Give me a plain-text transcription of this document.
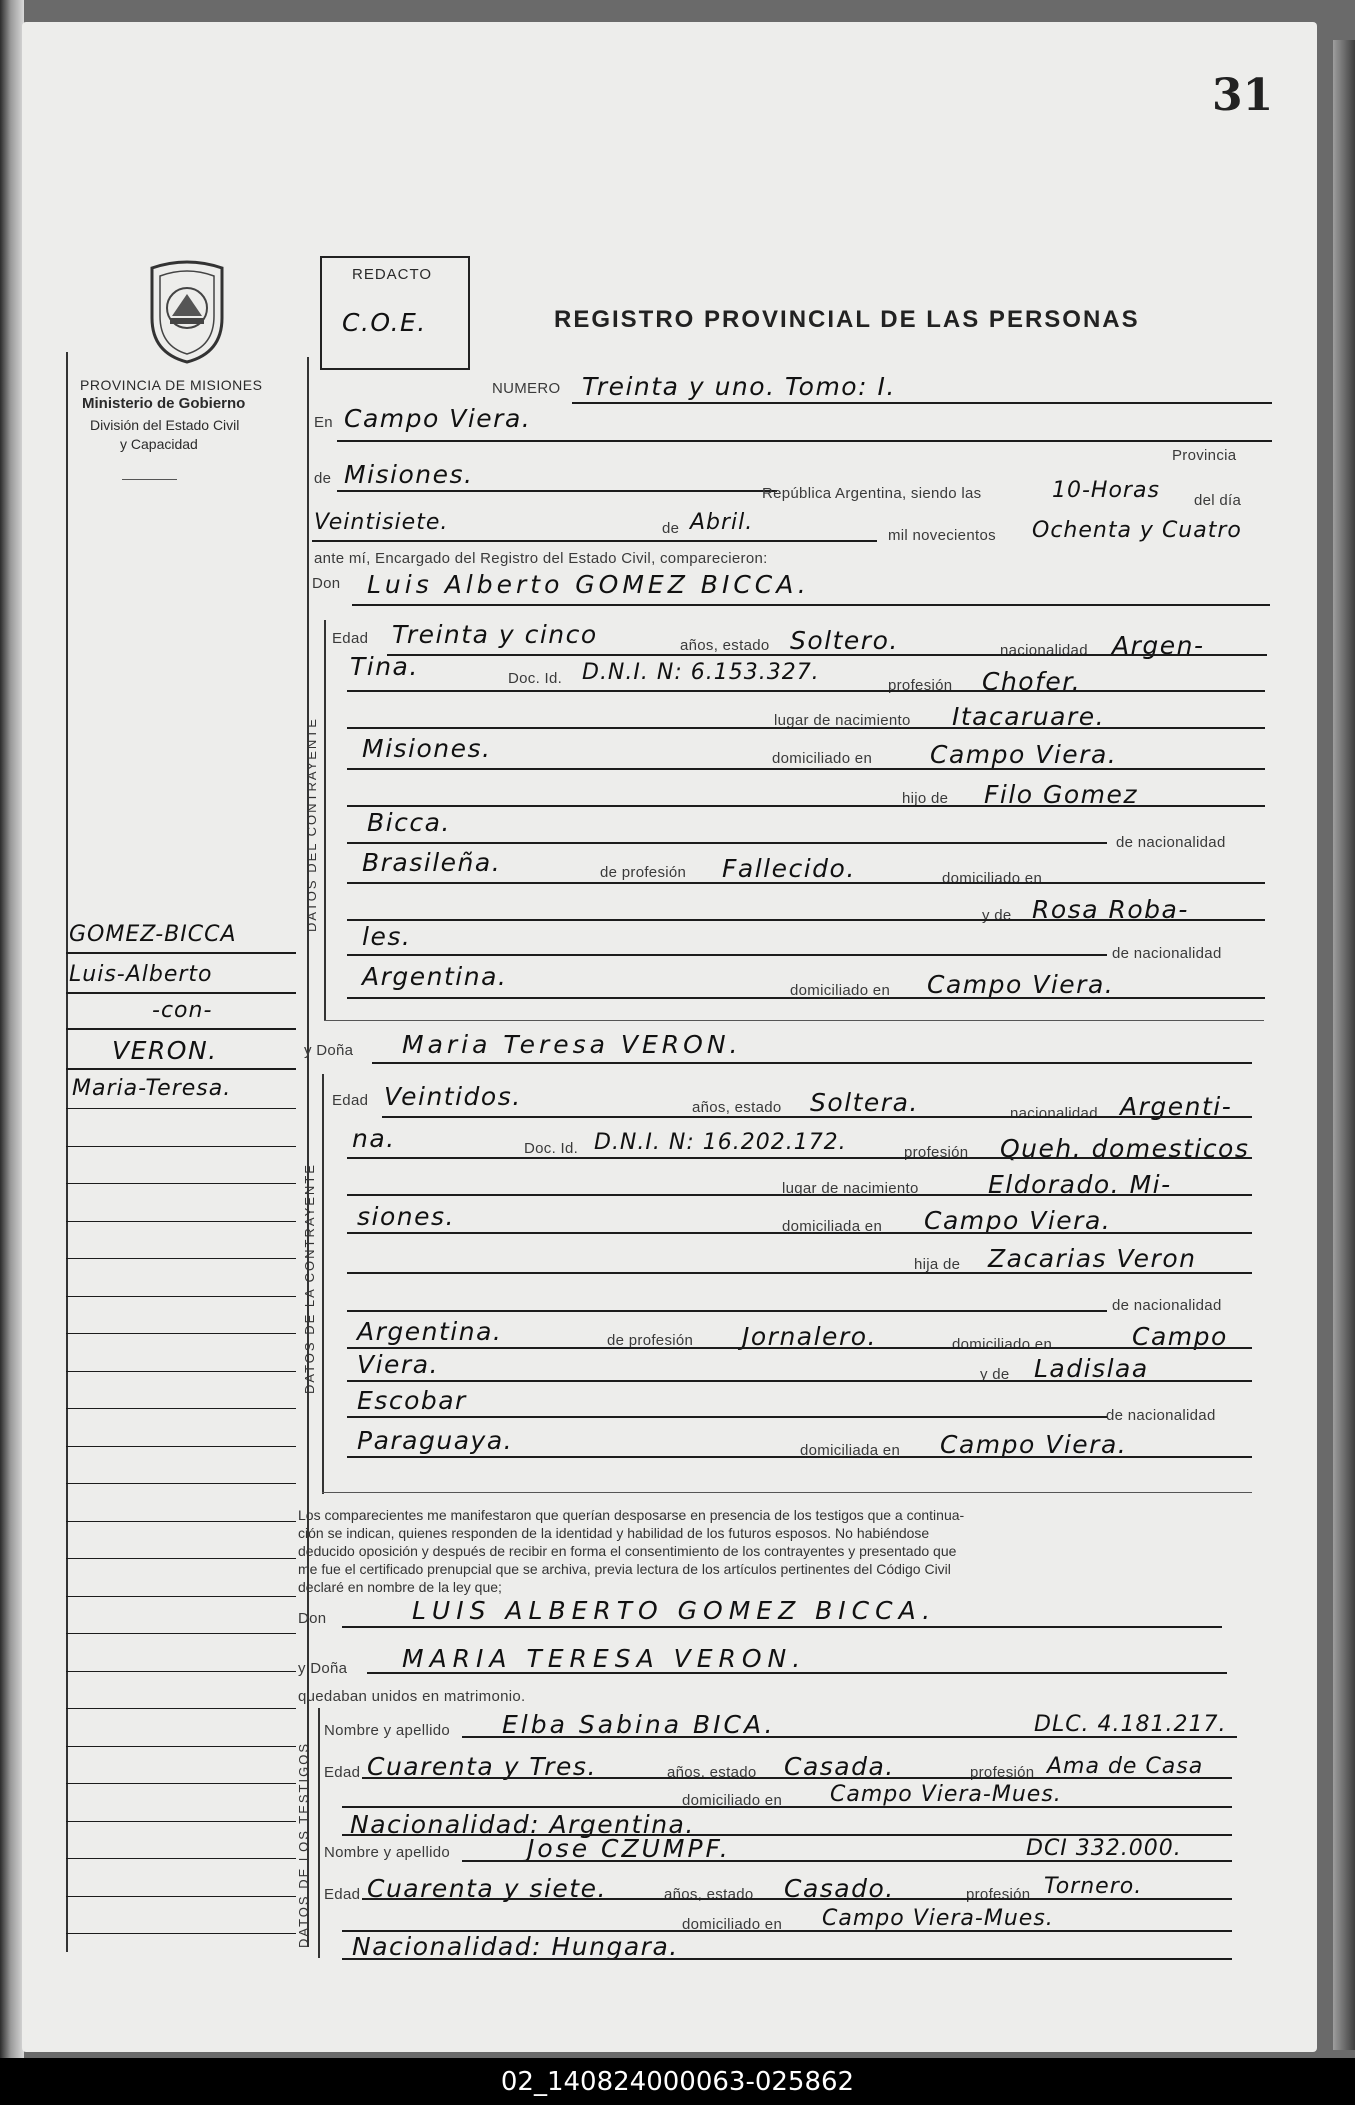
31
PROVINCIA DE MISIONES
Ministerio de Gobierno
División del Estado Civil
y Capacidad
REDACTO
C.O.E.	REGISTRO PROVINCIAL DE LAS PERSONAS
GOMEZ-BICCA
Luis-Alberto
-con-
VERON.
Maria-Teresa.
NUMERO Treinta y uno. Tomo: I.
En Campo Viera.
Provincia
de Misiones.
República Argentina, siendo las	10-Horas del día
Veintisiete.	de Abril.
mil novecientos Ochenta y Cuatro
ante mí, Encargado del Registro del Estado Civil, comparecieron:
Don Luis Alberto GOMEZ BICCA.
DATOS DEL CONTRAYENTE
Edad Treinta y cinco	años, estado Soltero.	nacionalidad Argen-
Tina.	Doc. Id. D.N.I. N: 6.153.327.
profesión Chofer.
lugar de nacimiento Itacaruare.
Misiones.	domiciliado en Campo Viera.
hijo de Filo Gomez
Bicca.
de nacionalidad
Brasileña.	de profesión Fallecido.	domiciliado en
y de Rosa Roba-
les.
de nacionalidad
Argentina.	domiciliado en Campo Viera.
y Doña Maria Teresa VERON.
DATOS DE LA CONTRAYENTE
Edad Veintidos.	años, estado Soltera.	nacionalidad Argenti-
na.	Doc. Id. D.N.I. N: 16.202.172.	profesión Queh. domesticos
lugar de nacimiento	Eldorado. Mi-
siones.	domiciliada en Campo Viera.
hija de Zacarias Veron
de nacionalidad
Argentina.	de profesión Jornalero.	domiciliado en	Campo
Viera.	y de Ladislaa
Escobar
de nacionalidad
Paraguaya.	domiciliada en Campo Viera.
Los comparecientes me manifestaron que querían desposarse en presencia de los testigos que a continua-
ción se indican, quienes responden de la identidad y habilidad de los futuros esposos. No habiéndose
deducido oposición y después de recibir en forma el consentimiento de los contrayentes y presentado que
me fue el certificado prenupcial que se archiva, previa lectura de los artículos pertinentes del Código Civil
declaré en nombre de la ley que;
Don	LUIS ALBERTO GOMEZ BICCA.
y Doña MARIA TERESA VERON.
quedaban unidos en matrimonio.
DATOS DE LOS TESTIGOS
Nombre y apellido Elba Sabina BICA.	DLC. 4.181.217.
Edad Cuarenta y Tres.	años, estado Casada.	profesión Ama de Casa
domiciliado en Campo Viera-Mues.
Nacionalidad: Argentina.
Nombre y apellido	Jose CZUMPF.	DCI 332.000.
Edad Cuarenta y siete.	años, estado Casado.	profesión Tornero.
domiciliado en Campo Viera-Mues.
Nacionalidad: Hungara.
02_140824000063-025862
